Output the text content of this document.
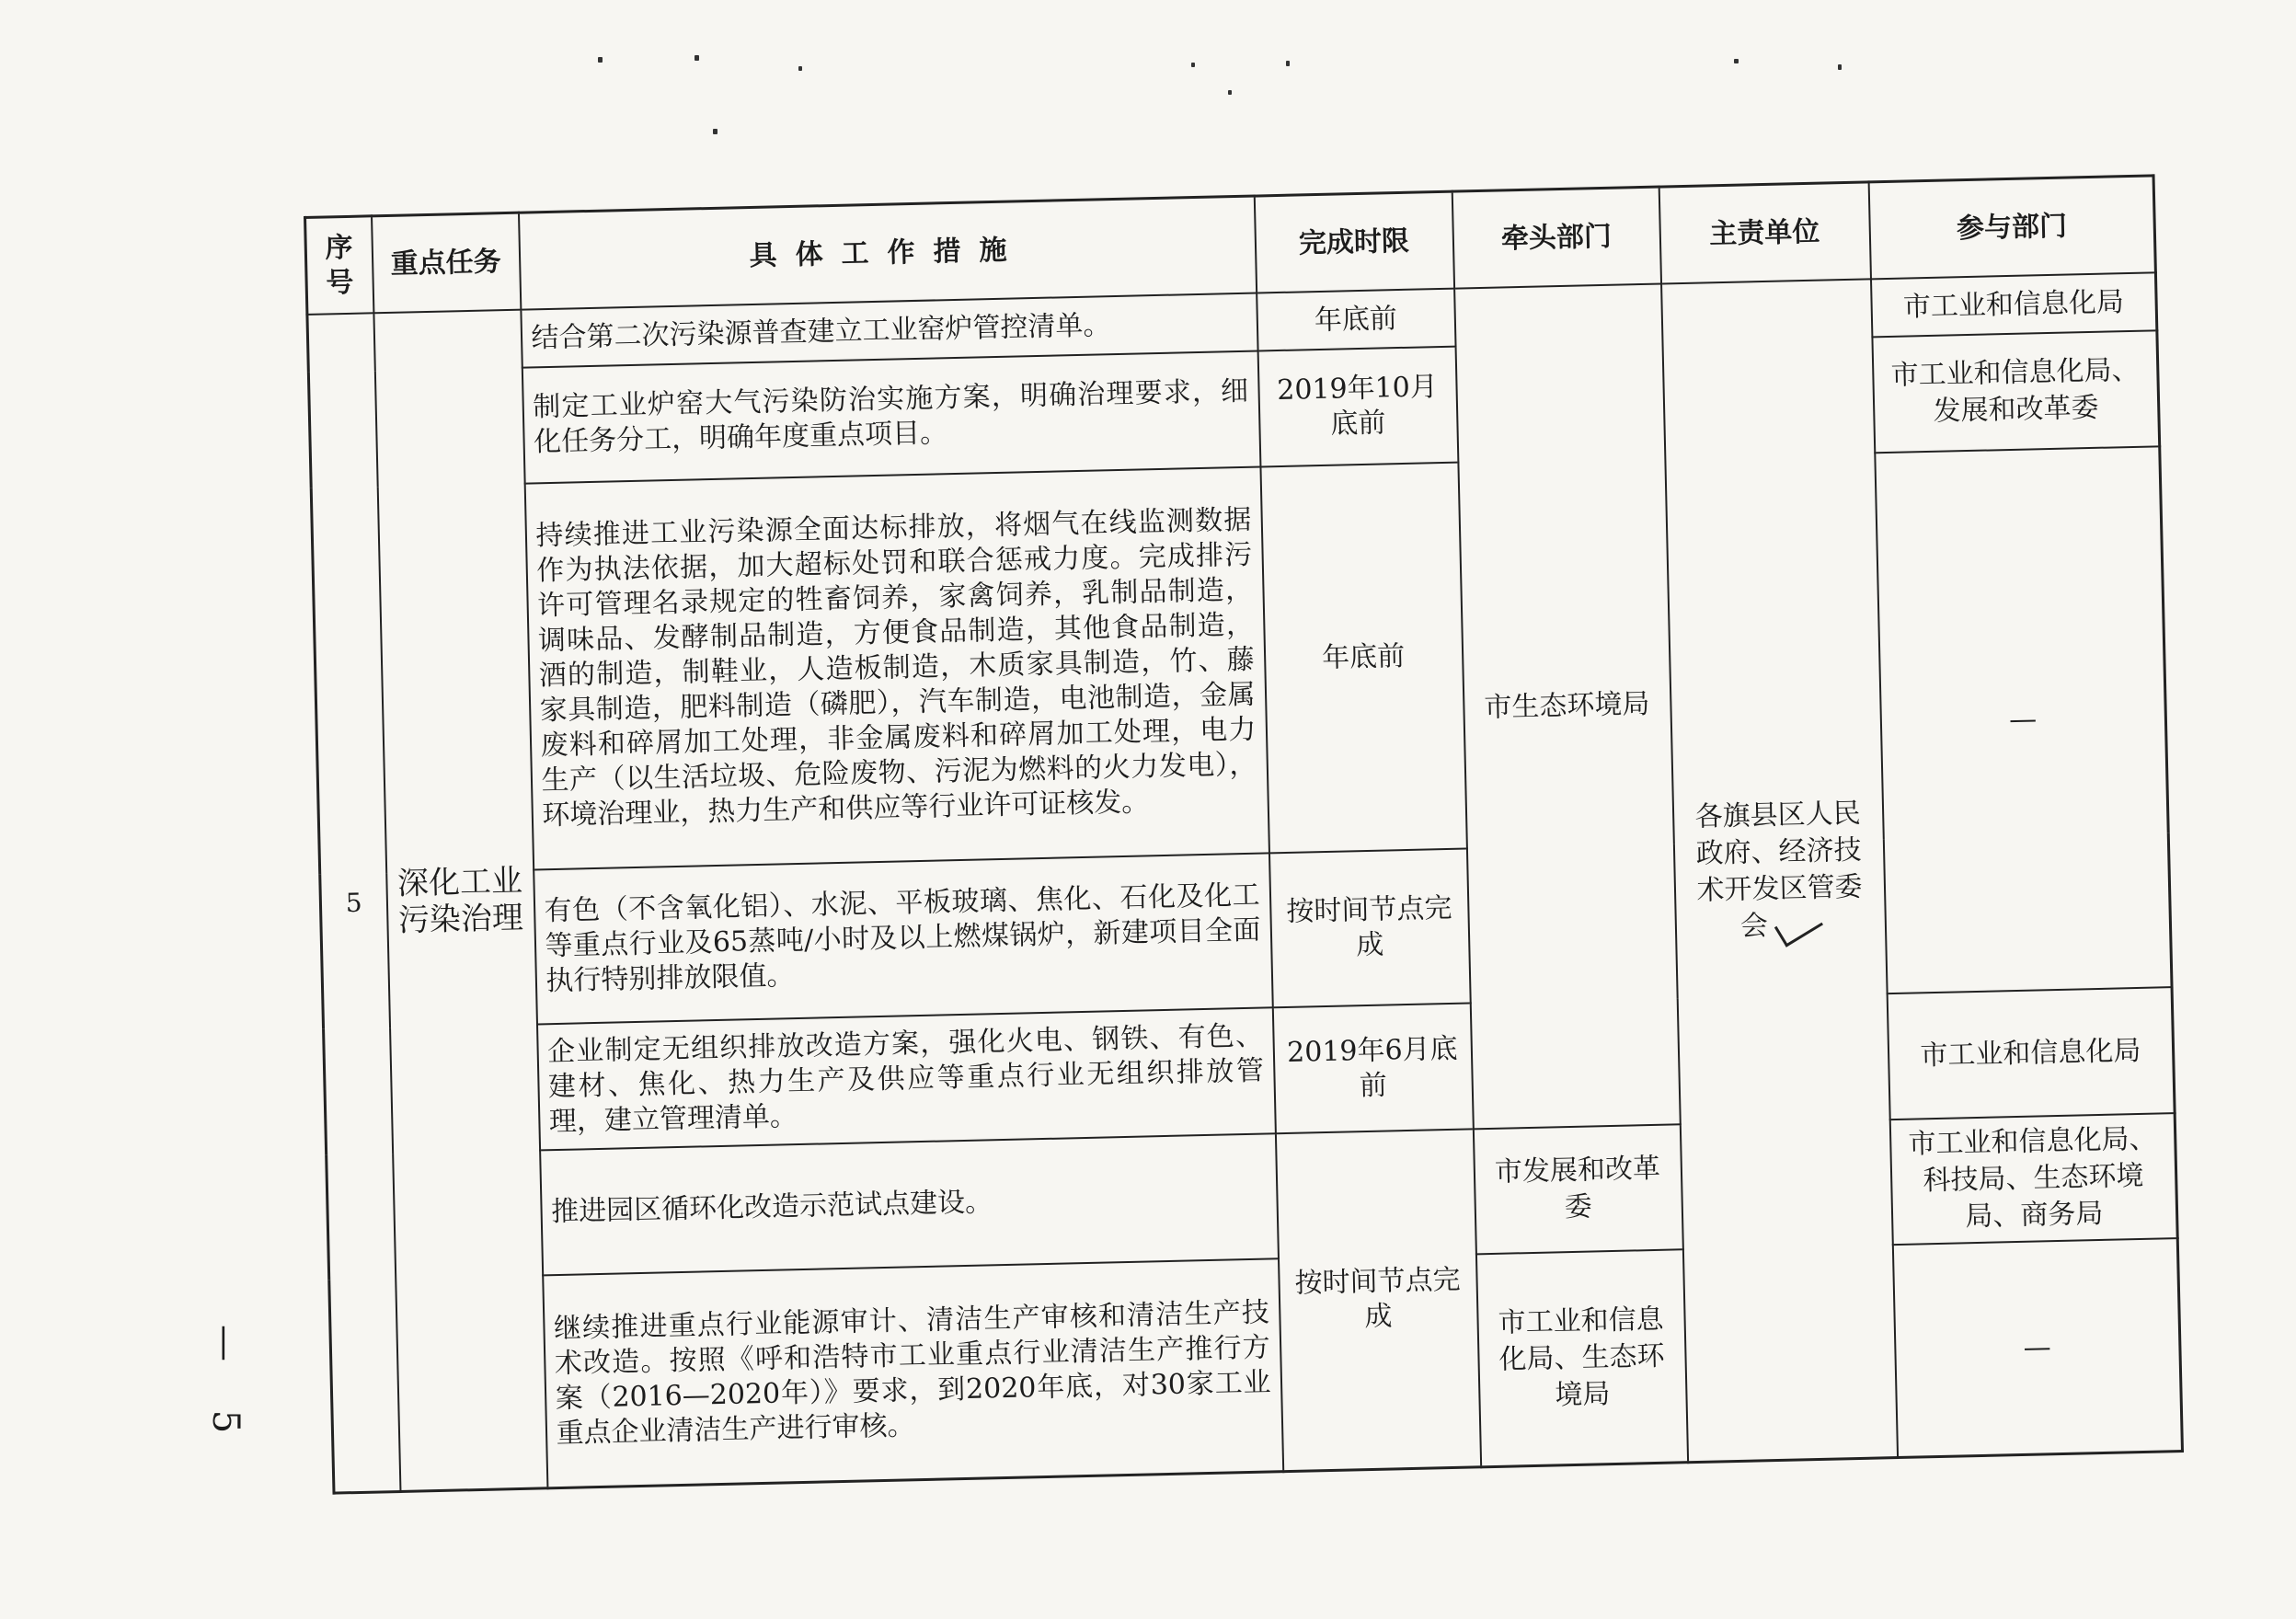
— 5
序号	重点任务	具体工作措施	完成时限	牵头部门	主责单位	参与部门
5	深化工业污染治理	结合第二次污染源普查建立工业窑炉管控清单。	年底前	市生态环境局	各旗县区人民政府、经济技术开发区管委会	市工业和信息化局
		制定工业炉窑大气污染防治实施方案，明确治理要求，细化任务分工，明确年度重点项目。	2019年10月底前			市工业和信息化局、发展和改革委
		持续推进工业污染源全面达标排放，将烟气在线监测数据作为执法依据，加大超标处罚和联合惩戒力度。完成排污许可管理名录规定的牲畜饲养，家禽饲养，乳制品制造，调味品、发酵制品制造，方便食品制造，其他食品制造，酒的制造，制鞋业，人造板制造，木质家具制造，竹、藤家具制造，肥料制造（磷肥），汽车制造，电池制造，金属废料和碎屑加工处理，非金属废料和碎屑加工处理，电力生产（以生活垃圾、危险废物、污泥为燃料的火力发电），环境治理业，热力生产和供应等行业许可证核发。	年底前			—
		有色（不含氧化铝）、水泥、平板玻璃、焦化、石化及化工等重点行业及65蒸吨/小时及以上燃煤锅炉，新建项目全面执行特别排放限值。	按时间节点完成			
		企业制定无组织排放改造方案，强化火电、钢铁、有色、建材、焦化、热力生产及供应等重点行业无组织排放管理，建立管理清单。	2019年6月底前			市工业和信息化局
		推进园区循环化改造示范试点建设。	按时间节点完成	市发展和改革委		市工业和信息化局、科技局、生态环境局、商务局
		继续推进重点行业能源审计、清洁生产审核和清洁生产技术改造。按照《呼和浩特市工业重点行业清洁生产推行方案（2016—2020年）》要求，到2020年底，对30家工业重点企业清洁生产进行审核。		市工业和信息化局、生态环境局		—
